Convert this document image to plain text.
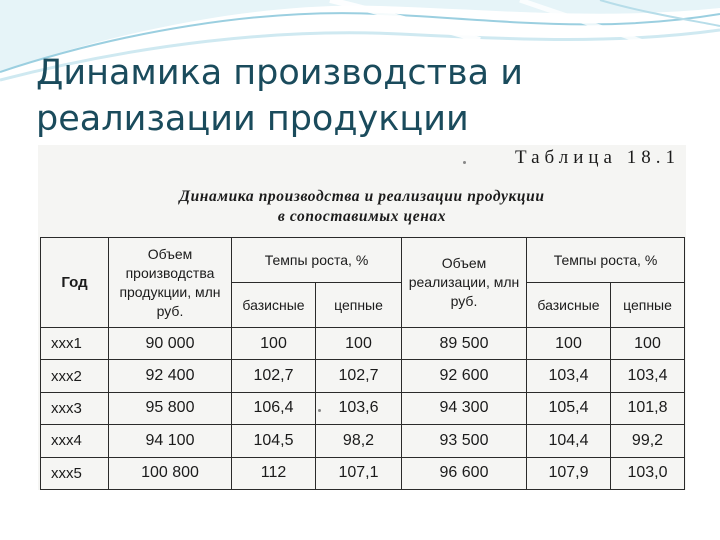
Динамика производства и реализации продукции
Таблица 18.1
Динамика производства и реализации продукции
в сопоставимых ценах
Год	Объем производства продукции, млн руб.	Темпы роста, %		Объем реализации, млн руб.	Темпы роста, %	
		базисные	цепные		базисные	цепные
ххх1	90 000	100	100	89 500	100	100
ххх2	92 400	102,7	102,7	92 600	103,4	103,4
ххх3	95 800	106,4	103,6	94 300	105,4	101,8
ххх4	94 100	104,5	98,2	93 500	104,4	99,2
ххх5	100 800	112	107,1	96 600	107,9	103,0
